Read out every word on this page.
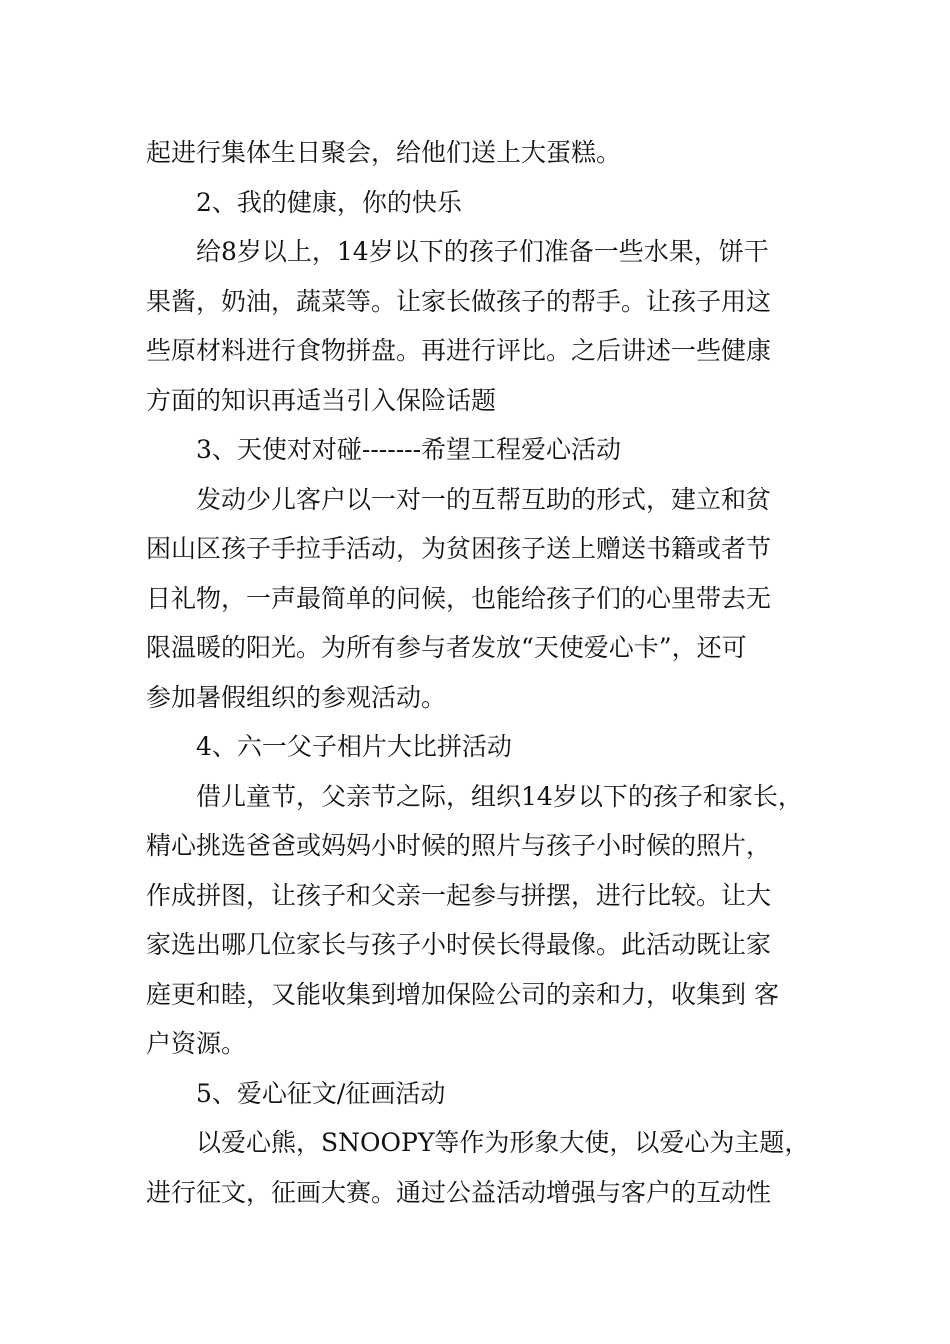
起进行集体生日聚会，给他们送上大蛋糕。
2、我的健康，你的快乐
给8岁以上，14岁以下的孩子们准备一些水果，饼干
果酱，奶油，蔬菜等。让家长做孩子的帮手。让孩子用这
些原材料进行食物拼盘。再进行评比。之后讲述一些健康
方面的知识再适当引入保险话题
3、天使对对碰-------希望工程爱心活动
发动少儿客户以一对一的互帮互助的形式，建立和贫
困山区孩子手拉手活动，为贫困孩子送上赠送书籍或者节
日礼物，一声最简单的问候，也能给孩子们的心里带去无
限温暖的阳光。为所有参与者发放“天使爱心卡”，还可
参加暑假组织的参观活动。
4、六一父子相片大比拼活动
借儿童节，父亲节之际，组织14岁以下的孩子和家长，
精心挑选爸爸或妈妈小时候的照片与孩子小时候的照片，
作成拼图，让孩子和父亲一起参与拼摆，进行比较。让大
家选出哪几位家长与孩子小时侯长得最像。此活动既让家
庭更和睦，又能收集到增加保险公司的亲和力，收集到 客
户资源。
5、爱心征文/征画活动
以爱心熊，SNOOPY等作为形象大使，以爱心为主题，
进行征文，征画大赛。通过公益活动增强与客户的互动性
